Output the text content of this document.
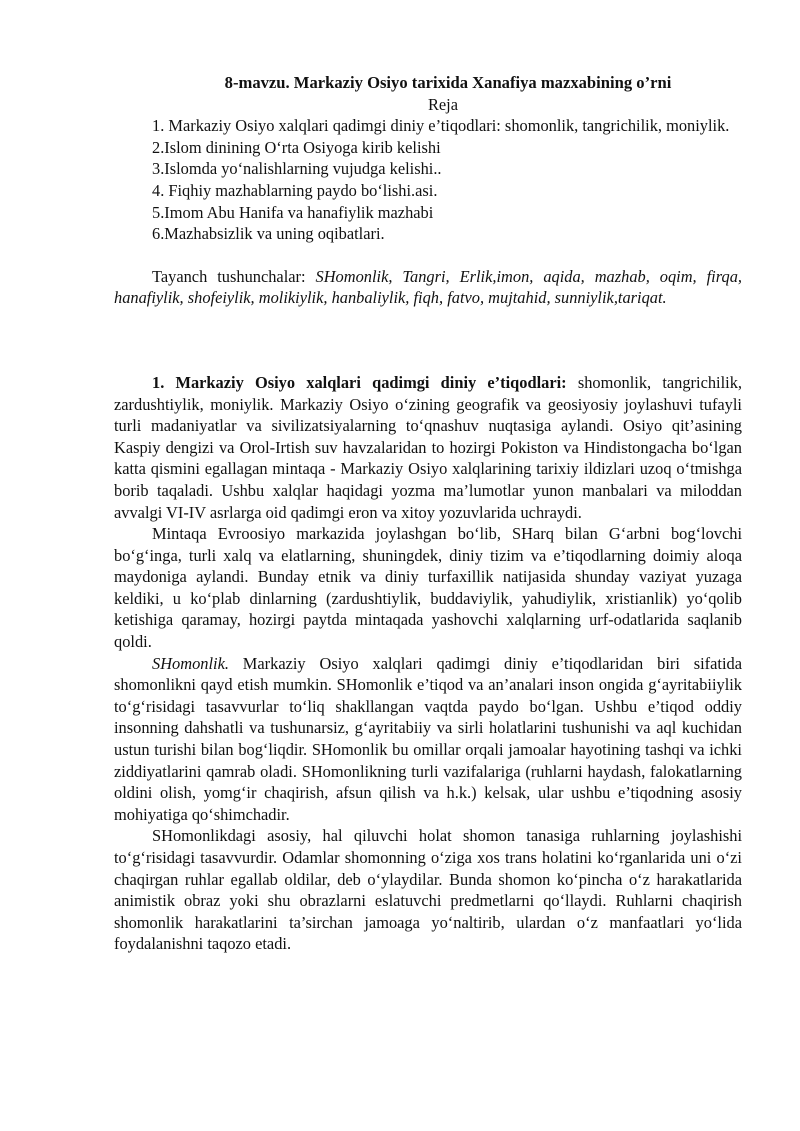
8-mavzu. Markaziy Osiyo tarixida Xanafiya mazxabining o’rni

Reja

1. Markaziy Osiyo xalqlari qadimgi diniy e’tiqodlari: shomonlik, tangrichilik, moniylik.
2.Islom dinining O‘rta Osiyoga kirib kelishi
3.Islomda yo‘nalishlarning vujudga kelishi..
4. Fiqhiy mazhablarning paydo bo‘lishi.asi.
5.Imom Abu Hanifa va hanafiylik mazhabi
6.Mazhabsizlik va uning oqibatlari.

Tayanch tushunchalar: SHomonlik, Tangri, Erlik,imon, aqida, mazhab, oqim, firqa, hanafiylik, shofeiylik, molikiylik, hanbaliylik, fiqh, fatvo, mujtahid, sunniylik,tariqat.

1. Markaziy Osiyo xalqlari qadimgi diniy e’tiqodlari: shomonlik, tangrichilik, zardushtiylik, moniylik. Markaziy Osiyo o‘zining geografik va geosiyosiy joylashuvi tufayli turli madaniyatlar va sivilizatsiyalarning to‘qnashuv nuqtasiga aylandi. Osiyo qit’asining Kaspiy dengizi va Orol-Irtish suv havzalaridan to hozirgi Pokiston va Hindistongacha bo‘lgan katta qismini egallagan mintaqa - Markaziy Osiyo xalqlarining tarixiy ildizlari uzoq o‘tmishga borib taqaladi. Ushbu xalqlar haqidagi yozma ma’lumotlar yunon manbalari va miloddan avvalgi VI-IV asrlarga oid qadimgi eron va xitoy yozuvlarida uchraydi.

Mintaqa Evroosiyo markazida joylashgan bo‘lib, SHarq bilan G‘arbni bog‘lovchi bo‘g‘inga, turli xalq va elatlarning, shuningdek, diniy tizim va e’tiqodlarning doimiy aloqa maydoniga aylandi. Bunday etnik va diniy turfaxillik natijasida shunday vaziyat yuzaga keldiki, u ko‘plab dinlarning (zardushtiylik, buddaviylik, yahudiylik, xristianlik) yo‘qolib ketishiga qaramay, hozirgi paytda mintaqada yashovchi xalqlarning urf-odatlarida saqlanib qoldi.

SHomonlik. Markaziy Osiyo xalqlari qadimgi diniy e’tiqodlaridan biri sifatida shomonlikni qayd etish mumkin. SHomonlik e’tiqod va an’analari inson ongida g‘ayritabiiylik to‘g‘risidagi tasavvurlar to‘liq shakllangan vaqtda paydo bo‘lgan. Ushbu e’tiqod oddiy insonning dahshatli va tushunarsiz, g‘ayritabiiy va sirli holatlarini tushunishi va aql kuchidan ustun turishi bilan bog‘liqdir. SHomonlik bu omillar orqali jamoalar hayotining tashqi va ichki ziddiyatlarini qamrab oladi. SHomonlikning turli vazifalariga (ruhlarni haydash, falokatlarning oldini olish, yomg‘ir chaqirish, afsun qilish va h.k.) kelsak, ular ushbu e’tiqodning asosiy mohiyatiga qo‘shimchadir.

SHomonlikdagi asosiy, hal qiluvchi holat shomon tanasiga ruhlarning joylashishi to‘g‘risidagi tasavvurdir. Odamlar shomonning o‘ziga xos trans holatini ko‘rganlarida uni o‘zi chaqirgan ruhlar egallab oldilar, deb o‘ylaydilar. Bunda shomon ko‘pincha o‘z harakatlarida animistik obraz yoki shu obrazlarni eslatuvchi predmetlarni qo‘llaydi. Ruhlarni chaqirish shomonlik harakatlarini ta’sirchan jamoaga yo‘naltirib, ulardan o‘z manfaatlari yo‘lida foydalanishni taqozo etadi.
